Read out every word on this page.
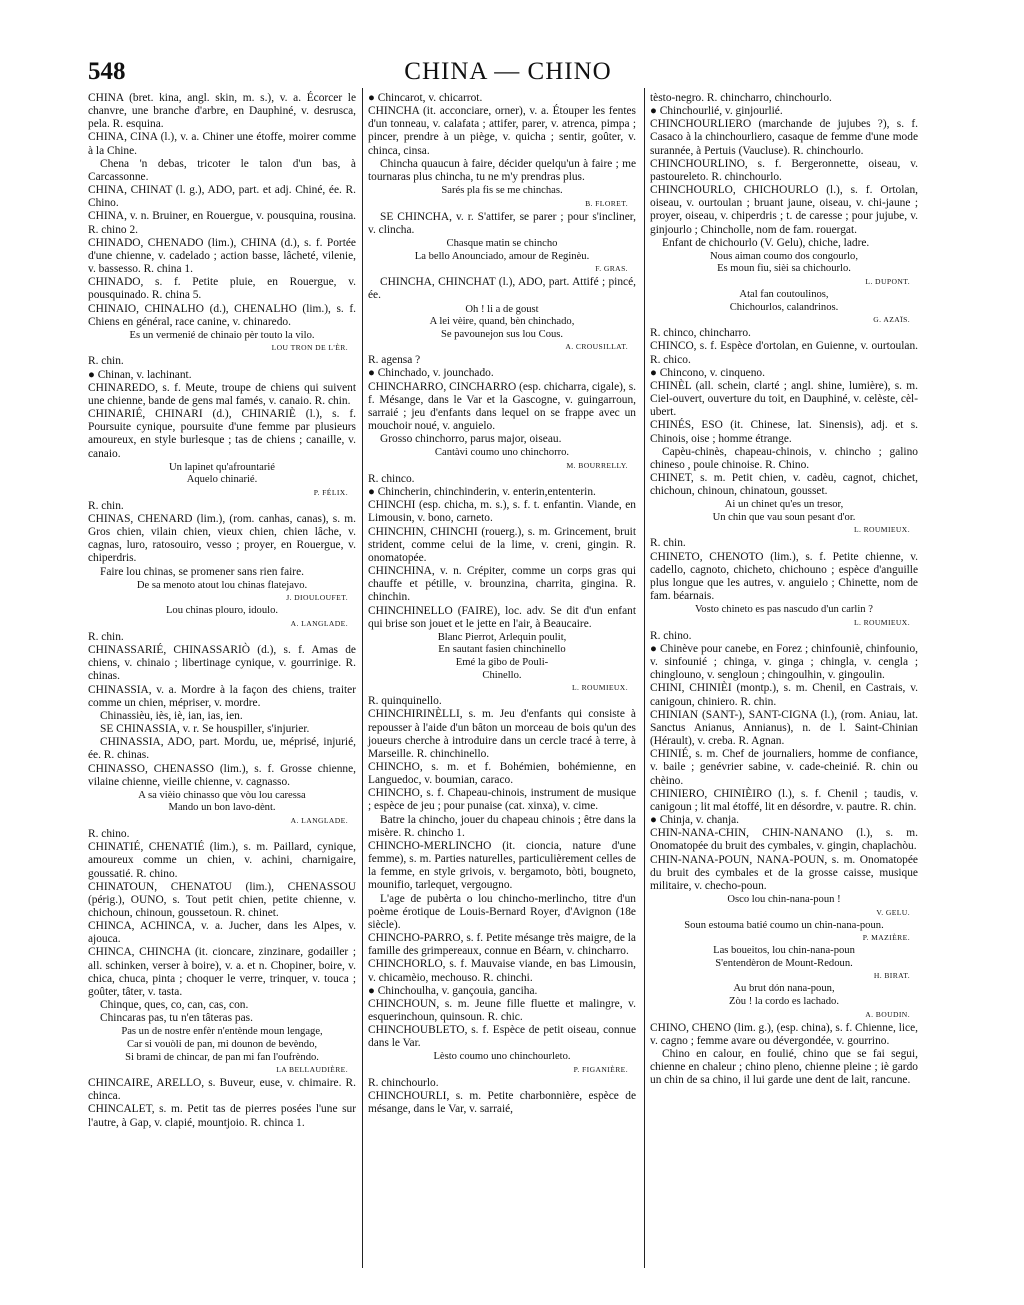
548	CHINA — CHINO

CHINA (bret. kina, angl. skin, m. s.), v. a. Écorcer le chanvre, une branche d'arbre, en Dauphiné, v. desrusca, pela. R. esquina.

CHINA, CINA (l.), v. a. Chiner une étoffe, moirer comme à la Chine.

Chena 'n debas, tricoter le talon d'un bas, à Carcassonne.

CHINA, CHINAT (l. g.), ADO, part. et adj. Chiné, ée. R. Chino.

CHINA, v. n. Bruiner, en Rouergue, v. pousquina, rousina. R. chino 2.

CHINADO, CHENADO (lim.), CHINA (d.), s. f. Portée d'une chienne, v. cadelado ; action basse, lâcheté, vilenie, v. bassesso. R. china 1.

CHINADO, s. f. Petite pluie, en Rouergue, v. pousquinado. R. china 5.

CHINAIO, CHINALHO (d.), CHENALHO (lim.), s. f. Chiens en général, race canine, v. chinaredo.

Es un vermenié de chinaio pèr touto la vilo.
LOU TRON DE L'ÈR.

R. chin.

● Chinan, v. lachinant.

CHINAREDO, s. f. Meute, troupe de chiens qui suivent une chienne, bande de gens mal famés, v. canaio. R. chin.

CHINARIÉ, CHINARI (d.), CHINARIÈ (l.), s. f. Poursuite cynique, poursuite d'une femme par plusieurs amoureux, en style burlesque ; tas de chiens ; canaille, v. canaio.

Un lapinet qu'afrountarié
Aquelo chinarié.
P. FÉLIX.

R. chin.

CHINAS, CHENARD (lim.), (rom. canhas, canas), s. m. Gros chien, vilain chien, vieux chien, chien lâche, v. cagnas, luro, ratosouiro, vesso ; proyer, en Rouergue, v. chiperdris.

Faire lou chinas, se promener sans rien faire.

De sa menoto atout lou chinas flatejavo.
J. DIOULOUFET.
Lou chinas plouro, idoulo.
A. LANGLADE.

R. chin.

CHINASSARIÉ, CHINASSARIÒ (d.), s. f. Amas de chiens, v. chinaio ; libertinage cynique, v. gourrinige. R. chinas.

CHINASSIA, v. a. Mordre à la façon des chiens, traiter comme un chien, mépriser, v. mordre.

Chinassièu, iès, iè, ian, ias, ien.

SE CHINASSIA, v. r. Se houspiller, s'injurier.

CHINASSIA, ADO, part. Mordu, ue, méprisé, injurié, ée. R. chinas.

CHINASSO, CHENASSO (lim.), s. f. Grosse chienne, vilaine chienne, vieille chienne, v. cagnasso.

A sa vièio chinasso que vòu lou caressa
Mando un bon lavo-dènt.
A. LANGLADE.

R. chino.

CHINATIÉ, CHENATIÉ (lim.), s. m. Paillard, cynique, amoureux comme un chien, v. achini, charnigaire, goussatié. R. chino.

CHINATOUN, CHENATOU (lim.), CHENASSOU (périg.), OUNO, s. Tout petit chien, petite chienne, v. chichoun, chinoun, goussetoun. R. chinet.

CHINCA, ACHINCA, v. a. Jucher, dans les Alpes, v. ajouca.

CHINCA, CHINCHA (it. cioncare, zinzinare, godailler ; all. schinken, verser à boire), v. a. et n. Chopiner, boire, v. chica, chuca, pinta ; choquer le verre, trinquer, v. touca ; goûter, tâter, v. tasta.

Chinque, ques, co, can, cas, con.

Chincaras pas, tu n'en tâteras pas.

Pas un de nostre enfèr n'entènde moun lengage,
Car si vouòli de pan, mi dounon de bevèndo,
Si brami de chincar, de pan mi fan l'oufrèndo.
LA BELLAUDIÈRE.

CHINCAIRE, ARELLO, s. Buveur, euse, v. chimaire. R. chinca.

CHINCALET, s. m. Petit tas de pierres posées l'une sur l'autre, à Gap, v. clapié, mountjoio. R. chinca 1.

● Chincarot, v. chicarrot.

CHINCHA (it. acconciare, orner), v. a. Étouper les fentes d'un tonneau, v. calafata ; attifer, parer, v. atrenca, pimpa ; pincer, prendre à un piège, v. quicha ; sentir, goûter, v. chinca, cinsa.

Chincha quaucun à faire, décider quelqu'un à faire ; me tournaras plus chincha, tu ne m'y prendras plus.

Sarés pla fis se me chinchas.
B. FLORET.

SE CHINCHA, v. r. S'attifer, se parer ; pour s'incliner, v. clincha.

Chasque matin se chincho
La bello Anounciado, amour de Reginèu.
F. GRAS.

CHINCHA, CHINCHAT (l.), ADO, part. Attifé ; pincé, ée.

Oh ! li a de goust
A lei vèire, quand, bèn chinchado,
Se pavounejon sus lou Cous.
A. CROUSILLAT.

R. agensa ?

● Chinchado, v. jounchado.

CHINCHARRO, CINCHARRO (esp. chicharra, cigale), s. f. Mésange, dans le Var et la Gascogne, v. guingarroun, sarraié ; jeu d'enfants dans lequel on se frappe avec un mouchoir noué, v. anguielo.

Grosso chinchorro, parus major, oiseau.

Cantàvi coumo uno chinchorro.
M. BOURRELLY.

R. chinco.

● Chincherin, chinchinderin, v. enterin,ententerin.

CHINCHI (esp. chicha, m. s.), s. f. t. enfantin. Viande, en Limousin, v. bono, carneto.

CHINCHIN, CHINCHI (rouerg.), s. m. Grincement, bruit strident, comme celui de la lime, v. creni, gingin. R. onomatopée.

CHINCHINA, v. n. Crépiter, comme un corps gras qui chauffe et pétille, v. brounzina, charrita, gingina. R. chinchin.

CHINCHINELLO (FAIRE), loc. adv. Se dit d'un enfant qui brise son jouet et le jette en l'air, à Beaucaire.

Blanc Pierrot, Arlequin poulit,
En sautant fasien chinchinello
Emé la gibo de Pouli-
Chinello.
L. ROUMIEUX.

R. quinquinello.

CHINCHIRINÈLLI, s. m. Jeu d'enfants qui consiste à repousser à l'aide d'un bâton un morceau de bois qu'un des joueurs cherche à introduire dans un cercle tracé à terre, à Marseille. R. chinchinello.

CHINCHO, s. m. et f. Bohémien, bohémienne, en Languedoc, v. boumian, caraco.

CHINCHO, s. f. Chapeau-chinois, instrument de musique ; espèce de jeu ; pour punaise (cat. xinxa), v. cime.

Batre la chincho, jouer du chapeau chinois ; être dans la misère. R. chincho 1.

CHINCHO-MERLINCHO (it. cioncia, nature d'une femme), s. m. Parties naturelles, particulièrement celles de la femme, en style grivois, v. bergamoto, bòti, bougneto, mounifio, tarlequet, vergougno.

L'age de pubèrta o lou chincho-merlincho, titre d'un poème érotique de Louis-Bernard Royer, d'Avignon (18e siècle).

CHINCHO-PARRO, s. f. Petite mésange très maigre, de la famille des grimpereaux, connue en Béarn, v. chincharro.

CHINCHORLO, s. f. Mauvaise viande, en bas Limousin, v. chicamèio, mechouso. R. chinchi.

● Chinchoulha, v. gançouia, ganciha.

CHINCHOUN, s. m. Jeune fille fluette et malingre, v. esquerinchoun, quinsoun. R. chic.

CHINCHOUBLETO, s. f. Espèce de petit oiseau, connue dans le Var.

Lèsto coumo uno chinchourleto.
P. FIGANIÈRE.

R. chinchourlo.

CHINCHOURLI, s. m. Petite charbonnière, espèce de mésange, dans le Var, v. sarraié,

tèsto-negro. R. chincharro, chinchourlo.

● Chinchourlié, v. ginjourlié.

CHINCHOURLIERO (marchande de jujubes ?), s. f. Casaco à la chinchourliero, casaque de femme d'une mode surannée, à Pertuis (Vaucluse). R. chinchourlo.

CHINCHOURLINO, s. f. Bergeronnette, oiseau, v. pastoureleto. R. chinchourlo.

CHINCHOURLO, CHICHOURLO (l.), s. f. Ortolan, oiseau, v. ourtoulan ; bruant jaune, oiseau, v. chi-jaune ; proyer, oiseau, v. chiperdris ; t. de caresse ; pour jujube, v. ginjourlo ; Chincholle, nom de fam. rouergat.

Enfant de chichourlo (V. Gelu), chiche, ladre.

Nous aiman coumo dos congourlo,
Es moun fiu, sièi sa chichourlo.
L. DUPONT.
Atal fan coutoulinos,
Chichourlos, calandrinos.
G. AZAÏS.

R. chinco, chincharro.

CHINCO, s. f. Espèce d'ortolan, en Guienne, v. ourtoulan. R. chico.

● Chincono, v. cinqueno.

CHINÈL (all. schein, clarté ; angl. shine, lumière), s. m. Ciel-ouvert, ouverture du toit, en Dauphiné, v. celèste, cèl-ubert.

CHINÉS, ESO (it. Chinese, lat. Sinensis), adj. et s. Chinois, oise ; homme étrange.

Capèu-chinès, chapeau-chinois, v. chincho ; galino chineso , poule chinoise. R. Chino.

CHINET, s. m. Petit chien, v. cadèu, cagnot, chichet, chichoun, chinoun, chinatoun, gousset.

Ai un chinet qu'es un tresor,
Un chin que vau soun pesant d'or.
L. ROUMIEUX.

R. chin.

CHINETO, CHENOTO (lim.), s. f. Petite chienne, v. cadello, cagnoto, chicheto, chichouno ; espèce d'anguille plus longue que les autres, v. anguielo ; Chinette, nom de fam. béarnais.

Vosto chineto es pas nascudo d'un carlin ?
L. ROUMIEUX.

R. chino.

● Chinève pour canebe, en Forez ; chinfouniè, chinfounio, v. sinfounié ; chinga, v. ginga ; chingla, v. cengla ; chinglouno, v. sengloun ; chingoulhin, v. gingoulin.

CHINI, CHINIÈI (montp.), s. m. Chenil, en Castrais, v. canigoun, chiniero. R. chin.

CHINIAN (SANT-), SANT-CIGNA (l.), (rom. Aniau, lat. Sanctus Anianus, Annianus), n. de l. Saint-Chinian (Hérault), v. creba. R. Agnan.

CHINIÉ, s. m. Chef de journaliers, homme de confiance, v. baile ; genévrier sabine, v. cade-cheinié. R. chin ou chèino.

CHINIERO, CHINIÈIRO (l.), s. f. Chenil ; taudis, v. canigoun ; lit mal étoffé, lit en désordre, v. pautre. R. chin.

● Chinja, v. chanja.

CHIN-NANA-CHIN, CHIN-NANANO (l.), s. m. Onomatopée du bruit des cymbales, v. gingin, chaplachòu.

CHIN-NANA-POUN, NANA-POUN, s. m. Onomatopée du bruit des cymbales et de la grosse caisse, musique militaire, v. checho-poun.

Osco lou chin-nana-poun !
V. GELU.
Soun estouma batié coumo un chin-nana-poun.
P. MAZIÈRE.
Las boueitos, lou chin-nana-poun
S'entendèron de Mount-Redoun.
H. BIRAT.
Au brut dón nana-poun,
Zòu ! la cordo es lachado.
A. BOUDIN.

CHINO, CHENO (lim. g.), (esp. china), s. f. Chienne, lice, v. cagno ; femme avare ou dévergondée, v. gourrino.

Chino en calour, en foulié, chino que se fai segui, chienne en chaleur ; chino pleno, chienne pleine ; iè gardo un chin de sa chino, il lui garde une dent de lait, rancune.
